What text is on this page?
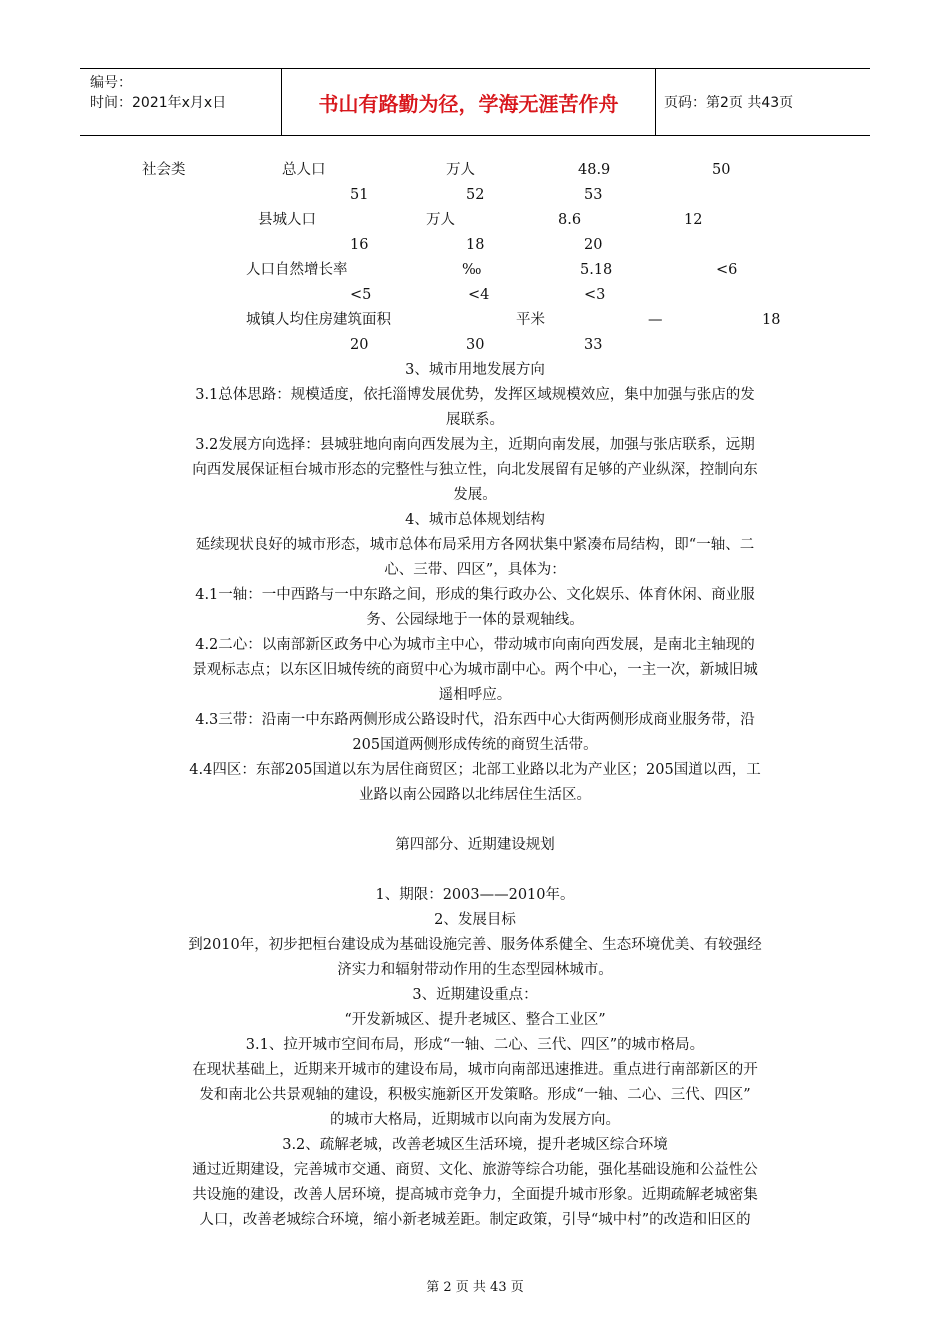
编号：
时间：2021年x月x日	书山有路勤为径，学海无涯苦作舟	页码：第2页 共43页
社会类	总人口	万人	48.9	50
51	52	53
县城人口	万人	8.6	12
16	18	20
人口自然增长率	‰	5.18	<6
<5	<4	<3
城镇人均住房建筑面积	平米	—	18
20	30	33
3、城市用地发展方向
3.1总体思路：规模适度，依托淄博发展优势，发挥区域规模效应，集中加强与张店的发
展联系。
3.2发展方向选择：县城驻地向南向西发展为主，近期向南发展，加强与张店联系，远期
向西发展保证桓台城市形态的完整性与独立性，向北发展留有足够的产业纵深，控制向东
发展。
4、城市总体规划结构
延续现状良好的城市形态，城市总体布局采用方各网状集中紧凑布局结构，即“一轴、二
心、三带、四区”，具体为：
4.1一轴：一中西路与一中东路之间，形成的集行政办公、文化娱乐、体育休闲、商业服
务、公园绿地于一体的景观轴线。
4.2二心：以南部新区政务中心为城市主中心，带动城市向南向西发展，是南北主轴现的
景观标志点；以东区旧城传统的商贸中心为城市副中心。两个中心，一主一次，新城旧城
遥相呼应。
4.3三带：沿南一中东路两侧形成公路设时代，沿东西中心大街两侧形成商业服务带，沿
205国道两侧形成传统的商贸生活带。
4.4四区：东部205国道以东为居住商贸区；北部工业路以北为产业区；205国道以西，工
业路以南公园路以北纬居住生活区。
第四部分、近期建设规划
1、期限：2003——2010年。
2、发展目标
到2010年，初步把桓台建设成为基础设施完善、服务体系健全、生态环境优美、有较强经
济实力和辐射带动作用的生态型园林城市。
3、近期建设重点：
“开发新城区、提升老城区、整合工业区”
3.1、拉开城市空间布局，形成“一轴、二心、三代、四区”的城市格局。
在现状基础上，近期来开城市的建设布局，城市向南部迅速推进。重点进行南部新区的开
发和南北公共景观轴的建设，积极实施新区开发策略。形成“一轴、二心、三代、四区”
的城市大格局，近期城市以向南为发展方向。
3.2、疏解老城，改善老城区生活环境，提升老城区综合环境
通过近期建设，完善城市交通、商贸、文化、旅游等综合功能，强化基础设施和公益性公
共设施的建设，改善人居环境，提高城市竞争力，全面提升城市形象。近期疏解老城密集
人口，改善老城综合环境，缩小新老城差距。制定政策，引导“城中村”的改造和旧区的
第 2 页 共 43 页
